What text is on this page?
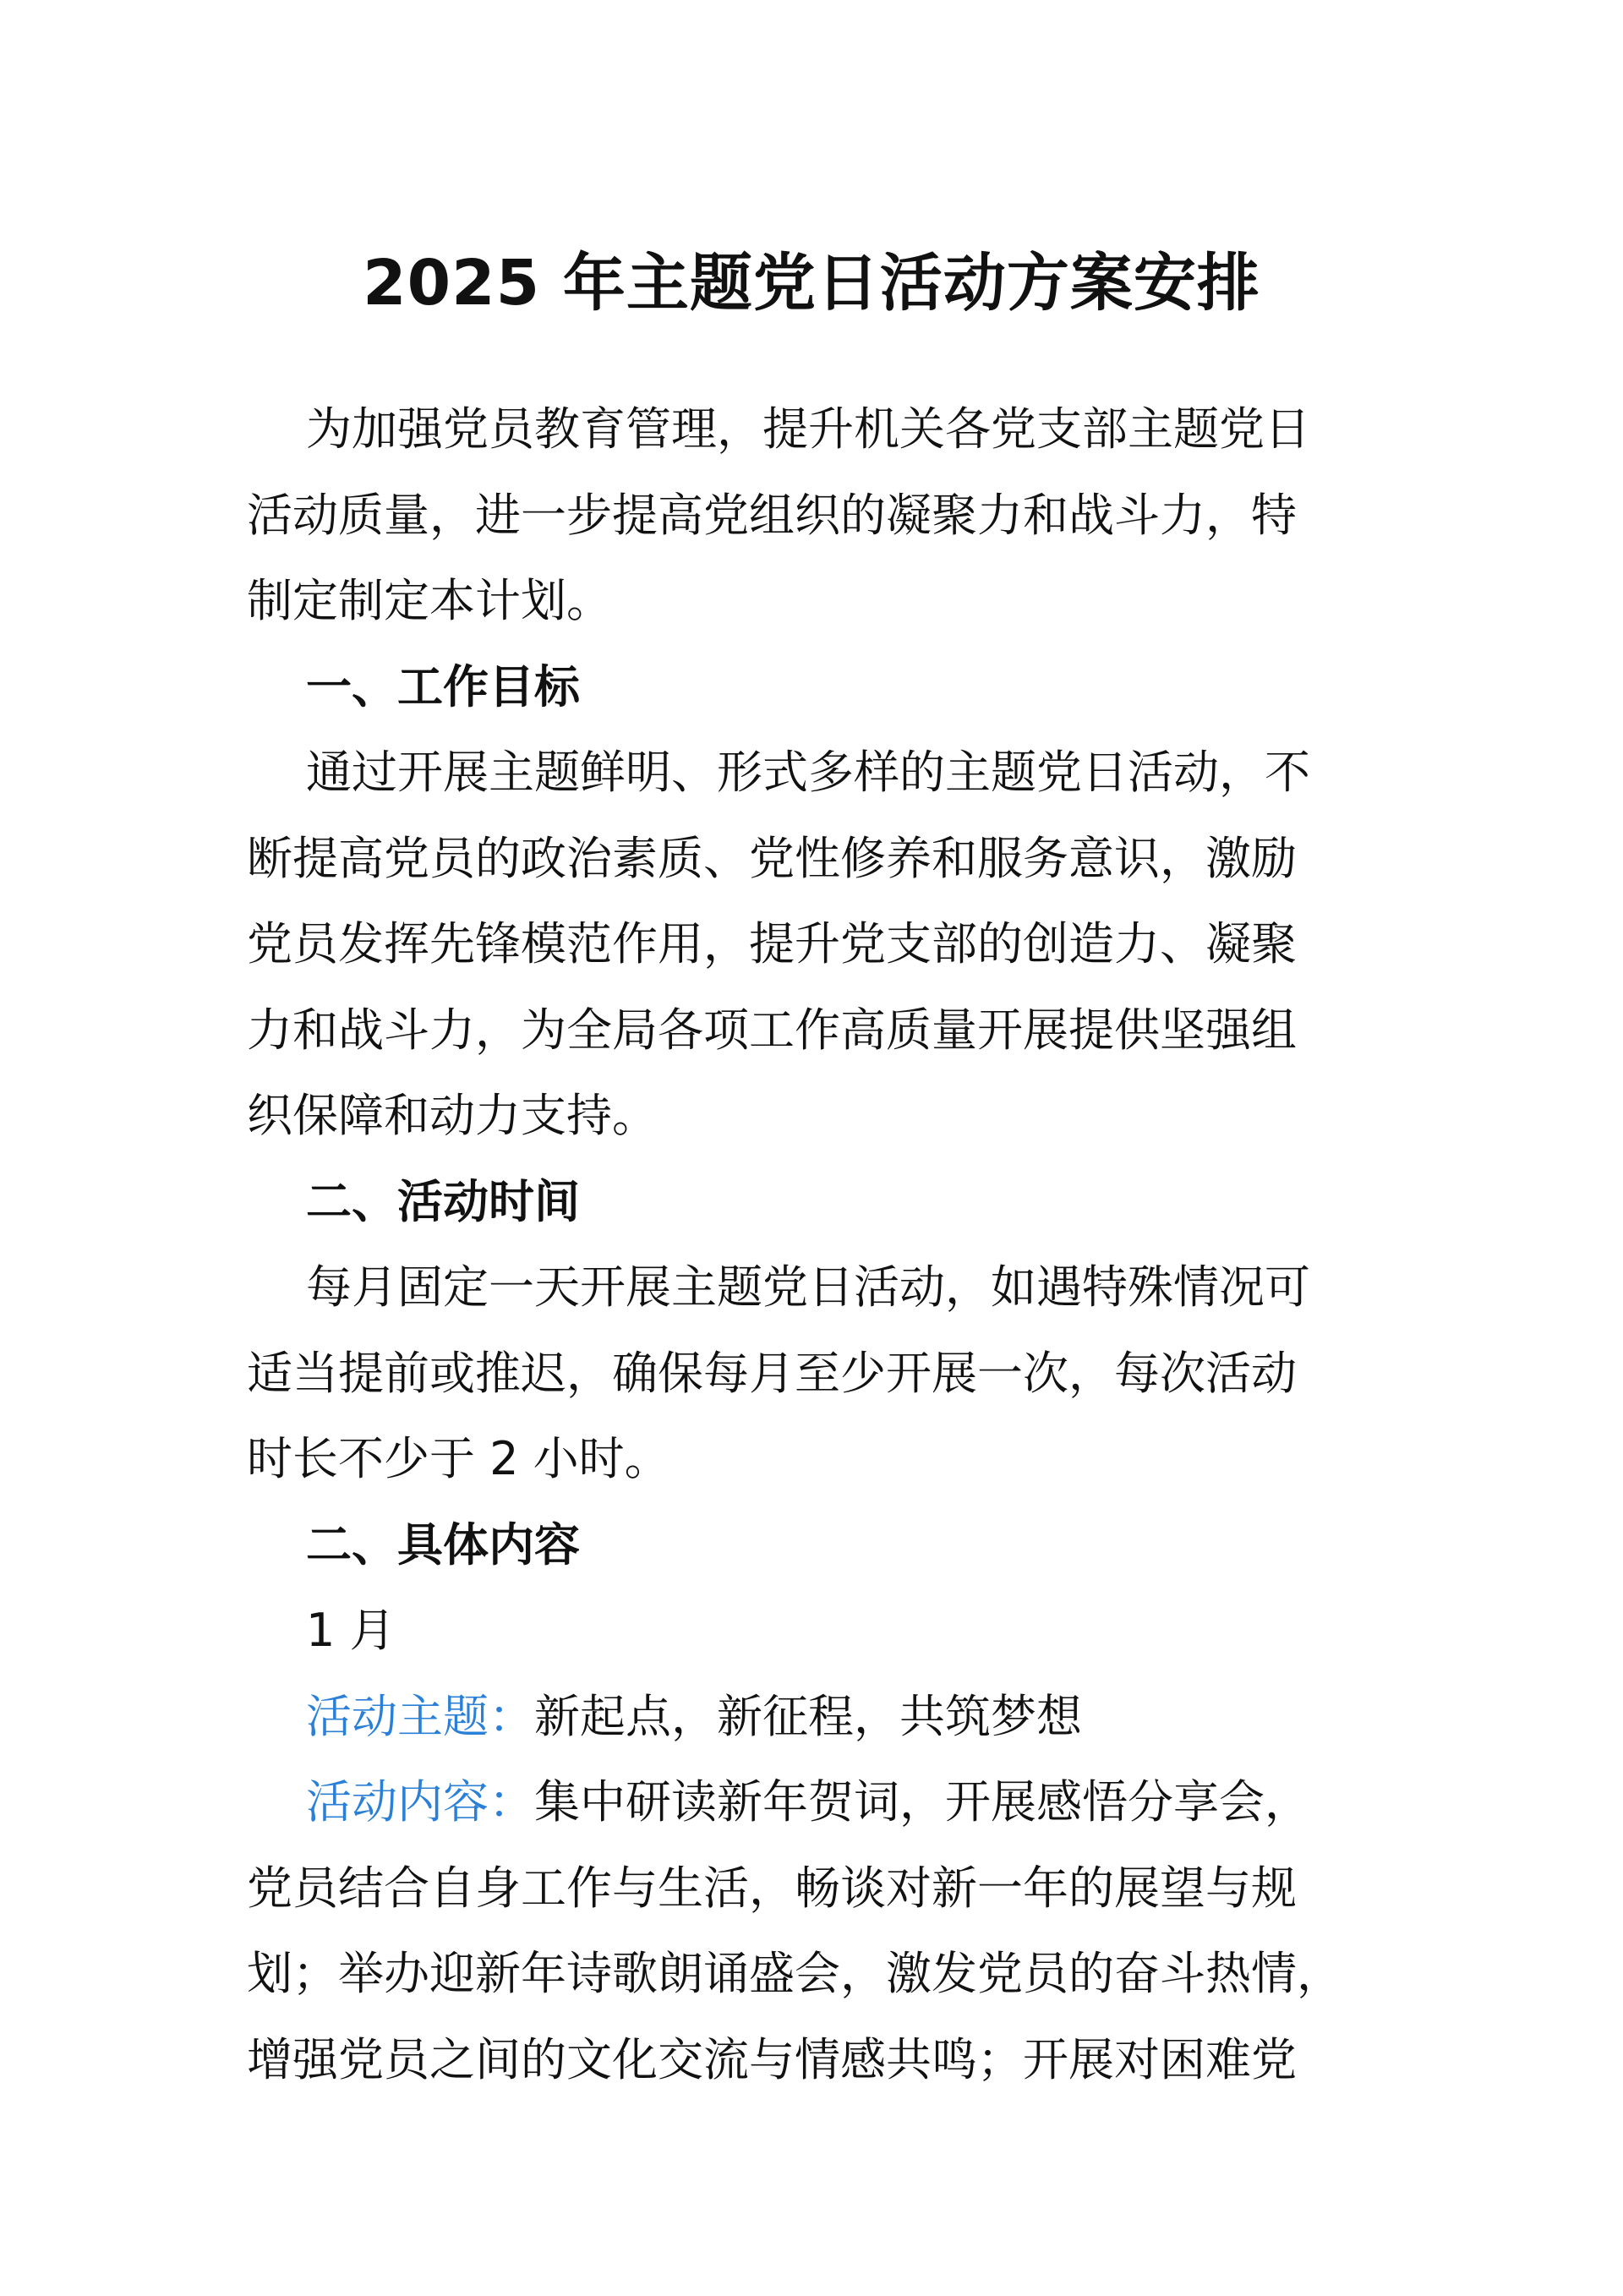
2025 年主题党日活动方案安排
为加强党员教育管理，提升机关各党支部主题党日
活动质量，进一步提高党组织的凝聚力和战斗力，特
制定制定本计划。
一、工作目标
通过开展主题鲜明、形式多样的主题党日活动，不
断提高党员的政治素质、党性修养和服务意识，激励
党员发挥先锋模范作用，提升党支部的创造力、凝聚
力和战斗力，为全局各项工作高质量开展提供坚强组
织保障和动力支持。
二、活动时间
每月固定一天开展主题党日活动，如遇特殊情况可
适当提前或推迟，确保每月至少开展一次，每次活动
时长不少于 2 小时。
二、具体内容
1 月
活动主题：新起点，新征程，共筑梦想
活动内容：集中研读新年贺词，开展感悟分享会，
党员结合自身工作与生活，畅谈对新一年的展望与规
划；举办迎新年诗歌朗诵盛会，激发党员的奋斗热情，
增强党员之间的文化交流与情感共鸣；开展对困难党
